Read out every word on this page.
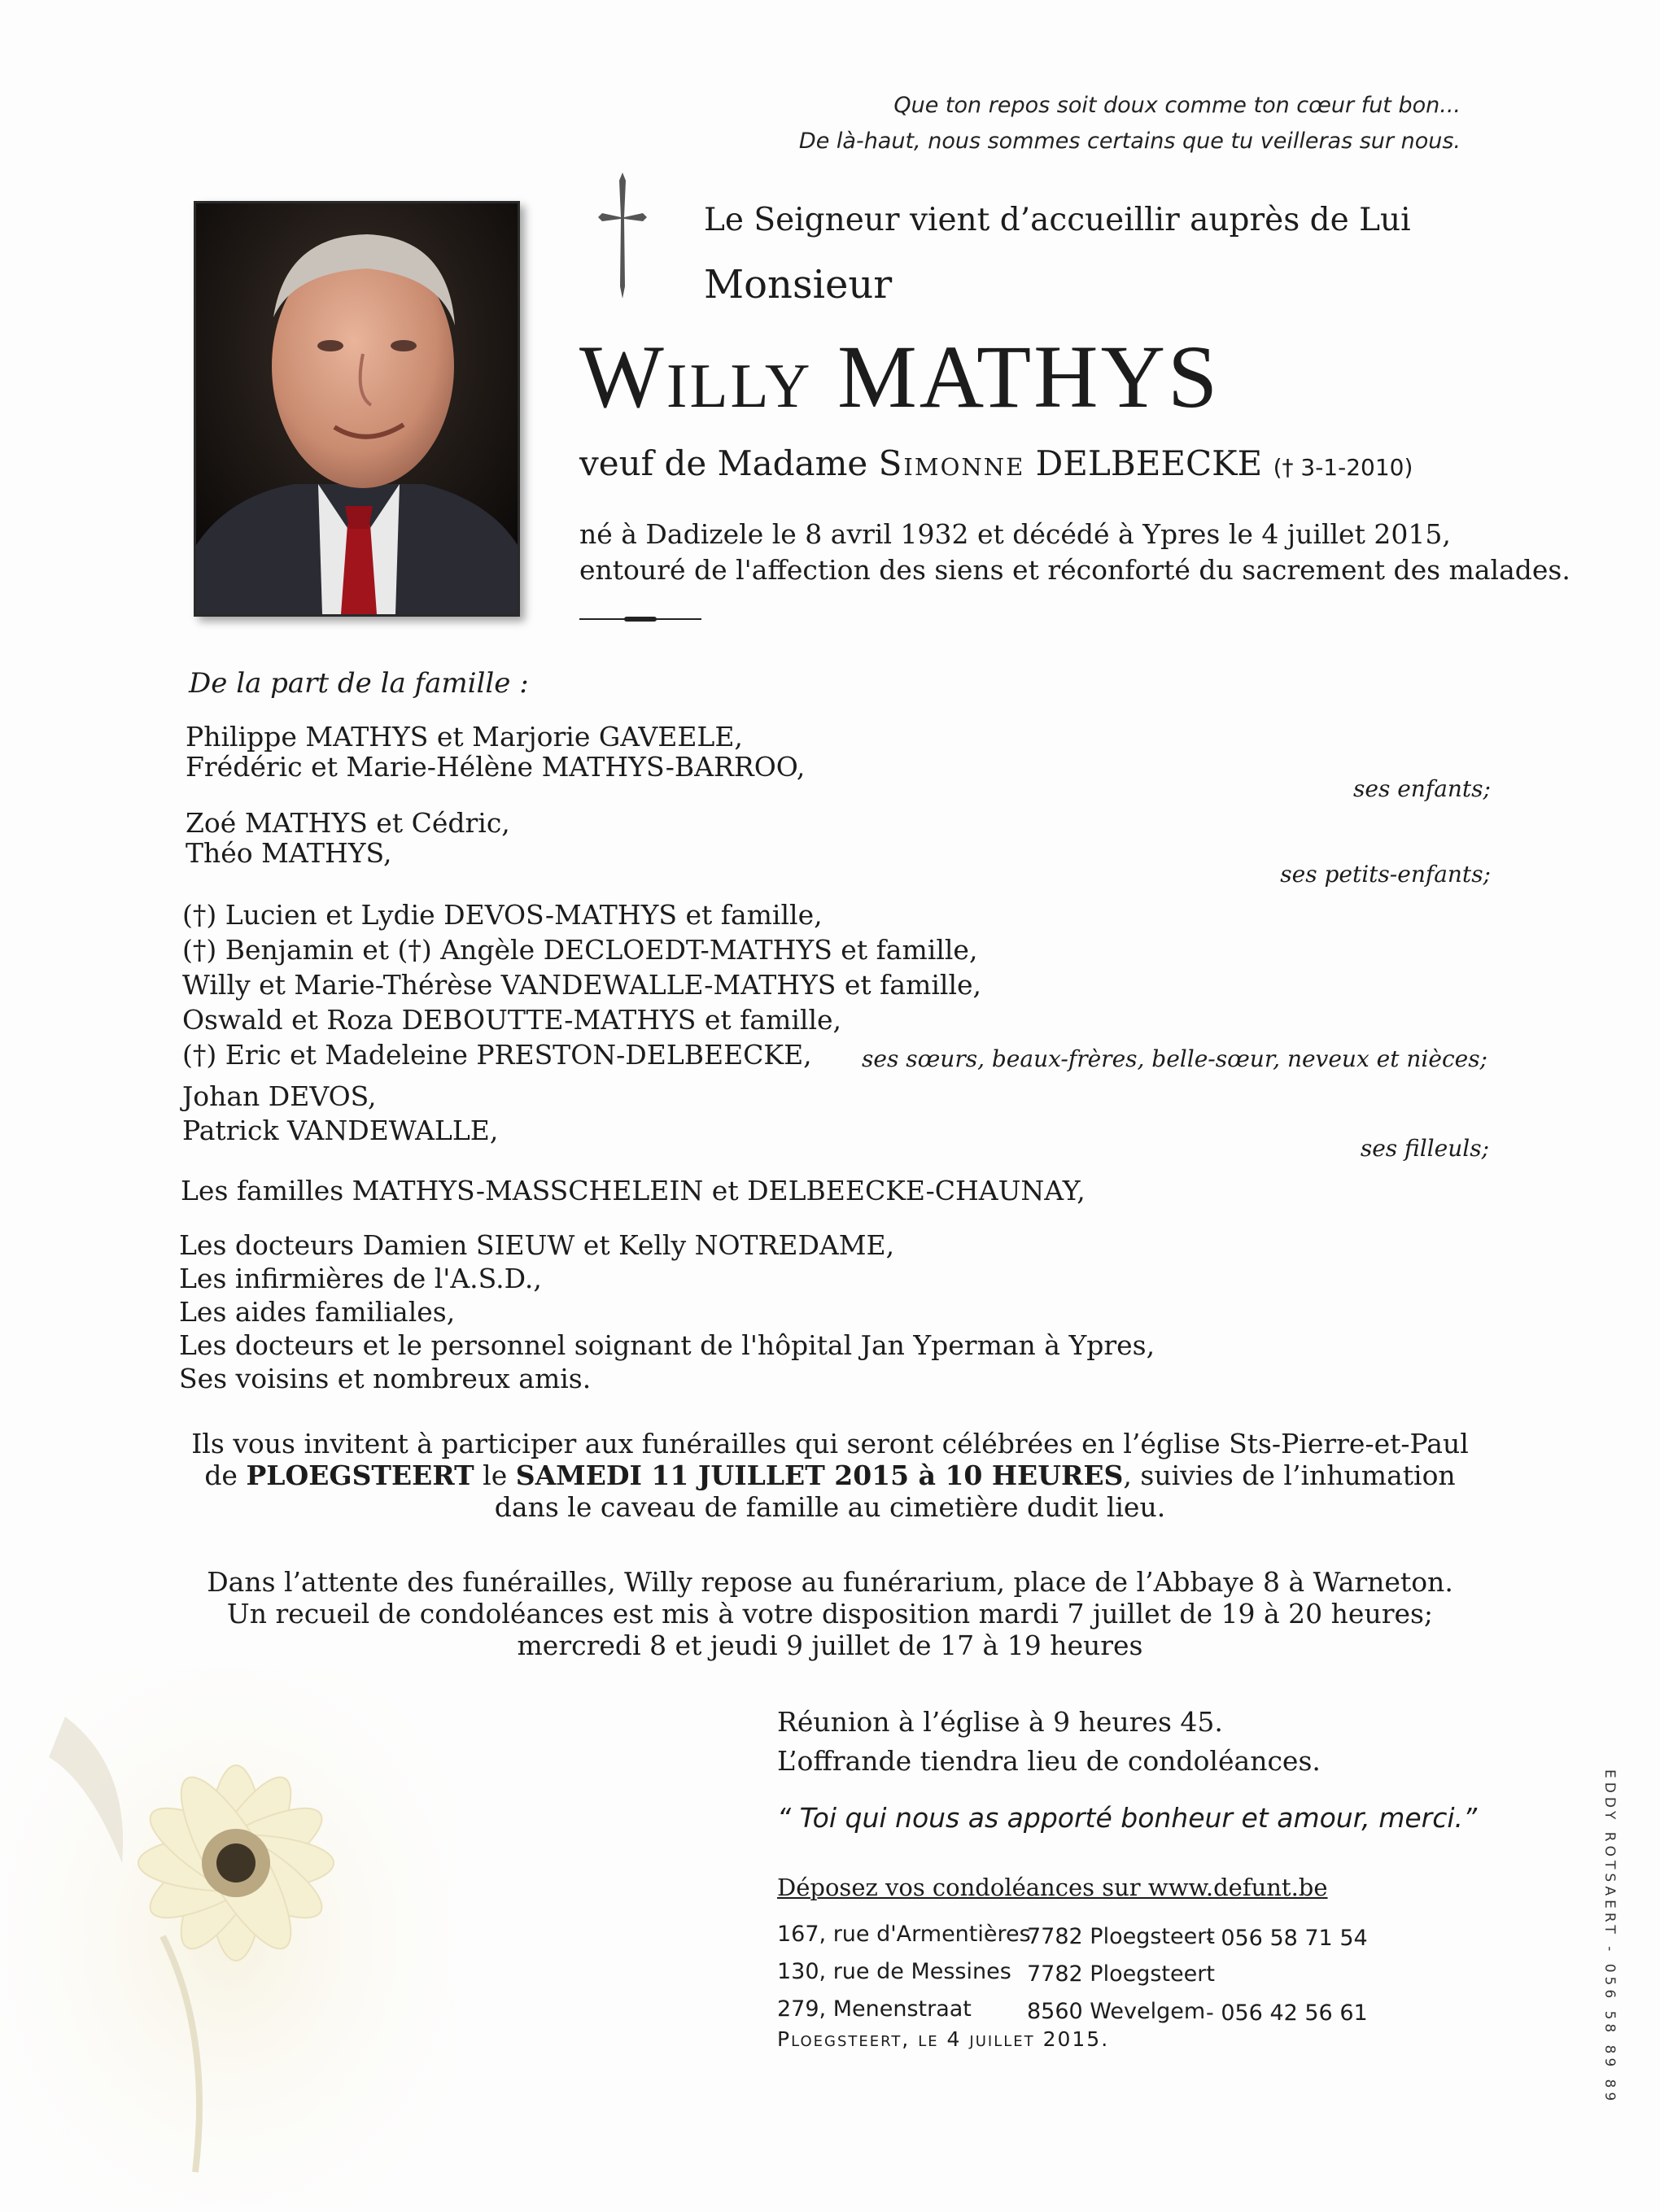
Que ton repos soit doux comme ton cœur fut bon...
De là-haut, nous sommes certains que tu veilleras sur nous.
Le Seigneur vient d’accueillir auprès de Lui
Monsieur
Willy MATHYS
veuf de Madame Simonne DELBEECKE († 3-1-2010)
né à Dadizele le 8 avril 1932 et décédé à Ypres le 4 juillet 2015,
entouré de l'affection des siens et réconforté du sacrement des malades.
De la part de la famille :
Philippe MATHYS et Marjorie GAVEELE,
Frédéric et Marie-Hélène MATHYS-BARROO,
ses enfants;
Zoé MATHYS et Cédric,
Théo MATHYS,
ses petits-enfants;
(†) Lucien et Lydie DEVOS-MATHYS et famille,
(†) Benjamin et (†) Angèle DECLOEDT-MATHYS et famille,
Willy et Marie-Thérèse VANDEWALLE-MATHYS et famille,
Oswald et Roza DEBOUTTE-MATHYS et famille,
(†) Eric et Madeleine PRESTON-DELBEECKE,	ses sœurs, beaux-frères, belle-sœur, neveux et nièces;
Johan DEVOS,
Patrick VANDEWALLE,
ses filleuls;
Les familles MATHYS-MASSCHELEIN et DELBEECKE-CHAUNAY,
Les docteurs Damien SIEUW et Kelly NOTREDAME,
Les infirmières de l'A.S.D.,
Les aides familiales,
Les docteurs et le personnel soignant de l'hôpital Jan Yperman à Ypres,
Ses voisins et nombreux amis.
Ils vous invitent à participer aux funérailles qui seront célébrées en l’église Sts-Pierre-et-Paul
de PLOEGSTEERT le SAMEDI 11 JUILLET 2015 à 10 HEURES, suivies de l’inhumation
dans le caveau de famille au cimetière dudit lieu.
Dans l’attente des funérailles, Willy repose au funérarium, place de l’Abbaye 8 à Warneton.
Un recueil de condoléances est mis à votre disposition mardi 7 juillet de 19 à 20 heures;
mercredi 8 et jeudi 9 juillet de 17 à 19 heures
Réunion à l’église à 9 heures 45.
L’offrande tiendra lieu de condoléances.
“ Toi qui nous as apporté bonheur et amour, merci.”
Déposez vos condoléances sur www.defunt.be
167, rue d'Armentières
130, rue de Messines
279, Menenstraat
7782 Ploegsteert
7782 Ploegsteert
8560 Wevelgem
- 056 58 71 54
- 056 42 56 61
Ploegsteert, le 4 juillet 2015.	EDDY ROTSAERT - 056 58 89 89
